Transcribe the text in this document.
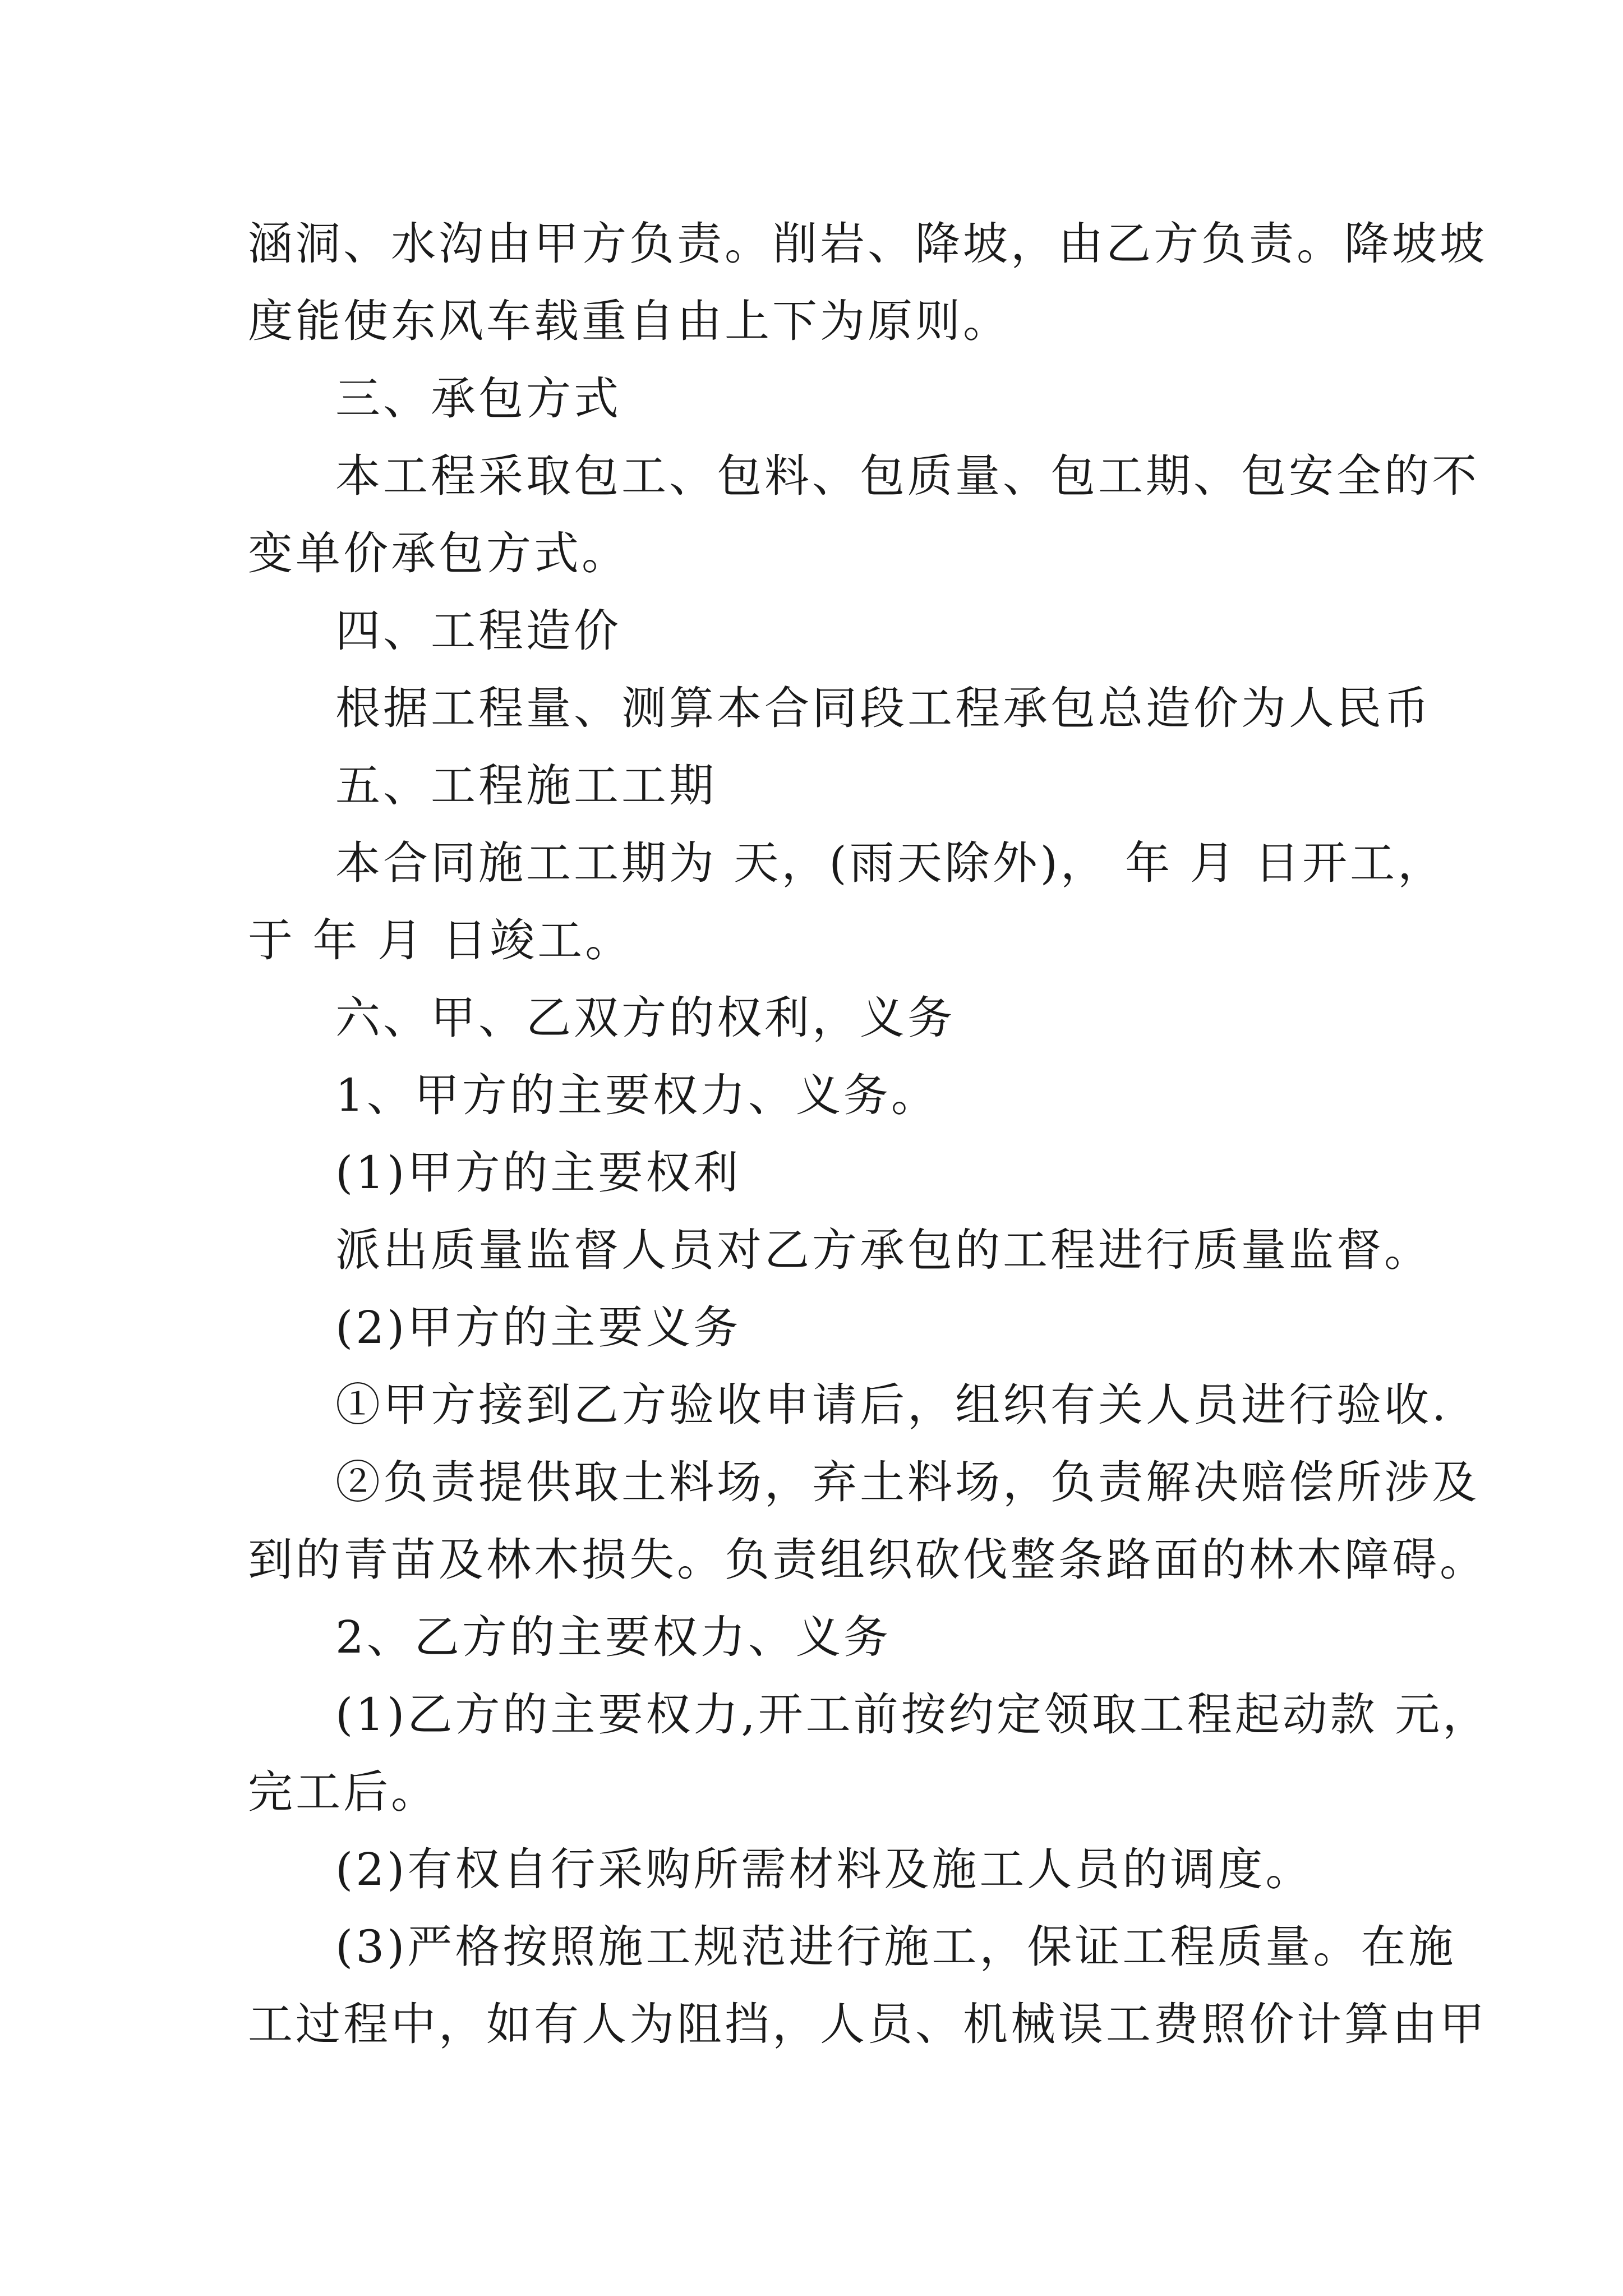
涵洞、水沟由甲方负责。削岩、降坡，由乙方负责。降坡坡
度能使东风车载重自由上下为原则。
三、承包方式
本工程采取包工、包料、包质量、包工期、包安全的不
变单价承包方式。
四、工程造价
根据工程量、测算本合同段工程承包总造价为人民币
五、工程施工工期
本合同施工工期为 天，(雨天除外)， 年 月 日开工，
于 年 月 日竣工。
六、甲、乙双方的权利，义务
1、甲方的主要权力、义务。
(1)甲方的主要权利
派出质量监督人员对乙方承包的工程进行质量监督。
(2)甲方的主要义务
①甲方接到乙方验收申请后，组织有关人员进行验收.
②负责提供取土料场，弃土料场，负责解决赔偿所涉及
到的青苗及林木损失。负责组织砍伐整条路面的林木障碍。
2、乙方的主要权力、义务
(1)乙方的主要权力,开工前按约定领取工程起动款 元，
完工后。
(2)有权自行采购所需材料及施工人员的调度。
(3)严格按照施工规范进行施工，保证工程质量。在施
工过程中，如有人为阻挡，人员、机械误工费照价计算由甲
